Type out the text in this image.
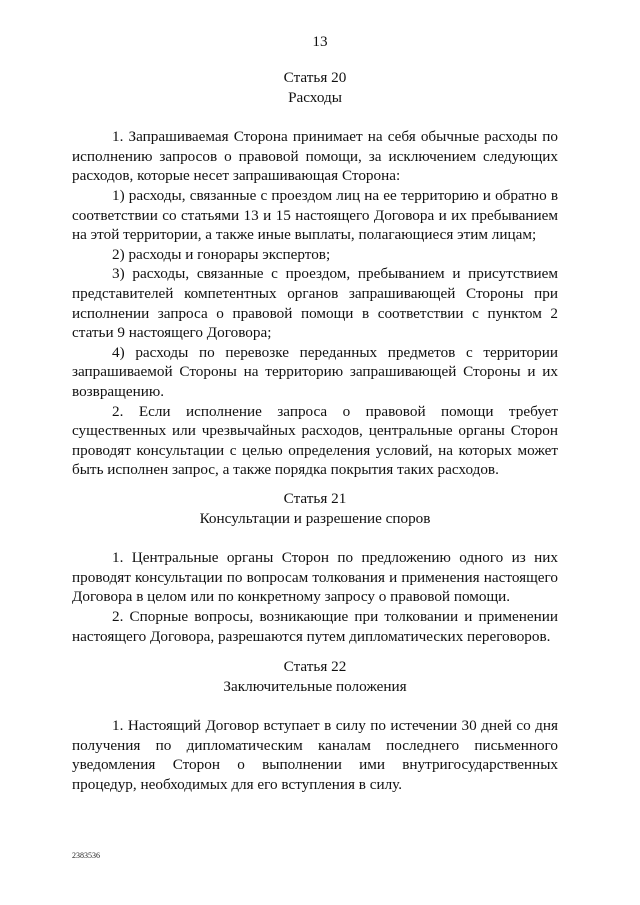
13
Статья 20
Расходы

1. Запрашиваемая Сторона принимает на себя обычные расходы по исполнению запросов о правовой помощи, за исключением следующих расходов, которые несет запрашивающая Сторона:

1) расходы, связанные с проездом лиц на ее территорию и обратно в соответствии со статьями 13 и 15 настоящего Договора и их пребыванием на этой территории, а также иные выплаты, полагающиеся этим лицам;

2) расходы и гонорары экспертов;

3) расходы, связанные с проездом, пребыванием и присутствием представителей компетентных органов запрашивающей Стороны при исполнении запроса о правовой помощи в соответствии с пунктом 2 статьи 9 настоящего Договора;

4) расходы по перевозке переданных предметов с территории запрашиваемой Стороны на территорию запрашивающей Стороны и их возвращению.

2. Если исполнение запроса о правовой помощи требует существенных или чрезвычайных расходов, центральные органы Сторон проводят консультации с целью определения условий, на которых может быть исполнен запрос, а также порядка покрытия таких расходов.

Статья 21
Консультации и разрешение споров

1. Центральные органы Сторон по предложению одного из них проводят консультации по вопросам толкования и применения настоящего Договора в целом или по конкретному запросу о правовой помощи.

2. Спорные вопросы, возникающие при толковании и применении настоящего Договора, разрешаются путем дипломатических переговоров.

Статья 22
Заключительные положения

1. Настоящий Договор вступает в силу по истечении 30 дней со дня получения по дипломатическим каналам последнего письменного уведомления Сторон о выполнении ими внутригосударственных процедур, необходимых для его вступления в силу.

2383536
